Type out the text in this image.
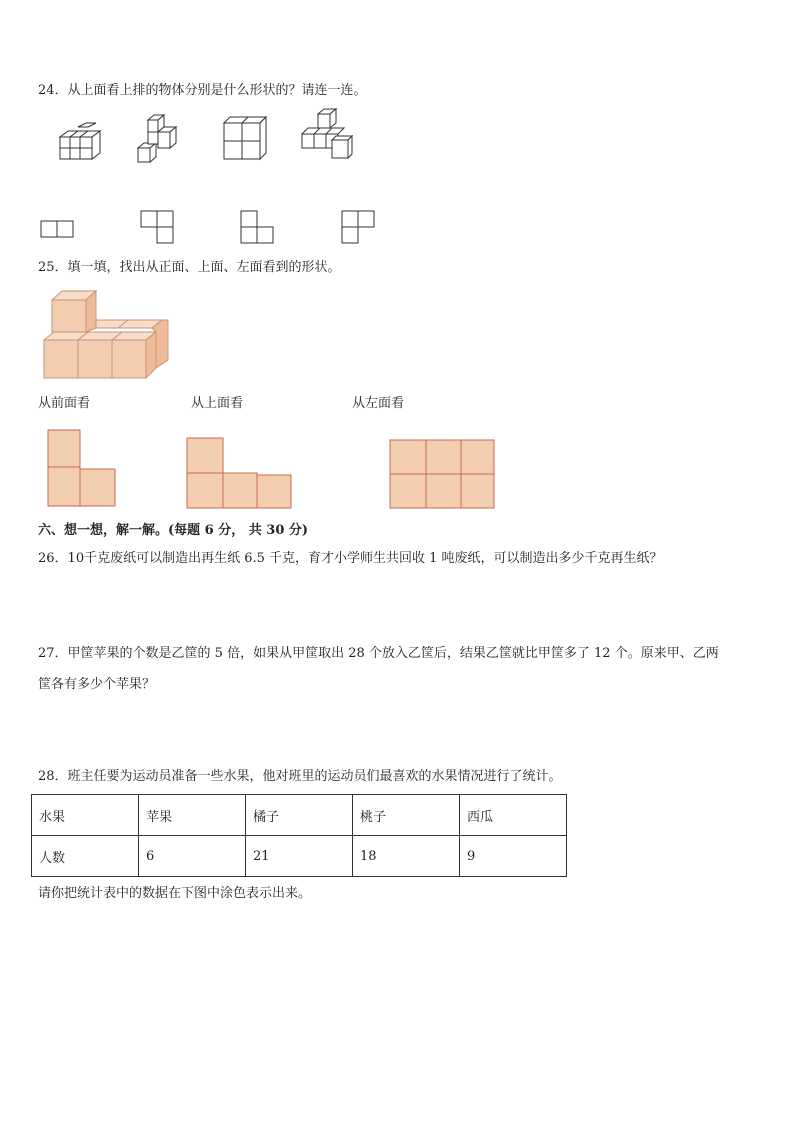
24．从上面看上排的物体分别是什么形状的？请连一连。
25．填一填，找出从正面、上面、左面看到的形状。
从前面看	从上面看	从左面看
六、想一想，解一解。(每题 6 分， 共 30 分)
26．10千克废纸可以制造出再生纸 6.5 千克，育才小学师生共回收 1 吨废纸，可以制造出多少千克再生纸？
27．甲筐苹果的个数是乙筐的 5 倍，如果从甲筐取出 28 个放入乙筐后，结果乙筐就比甲筐多了 12 个。原来甲、乙两
筐各有多少个苹果？
28．班主任要为运动员准备一些水果，他对班里的运动员们最喜欢的水果情况进行了统计。
水果	苹果	橘子	桃子	西瓜
人数	6	21	18	9
请你把统计表中的数据在下图中涂色表示出来。
